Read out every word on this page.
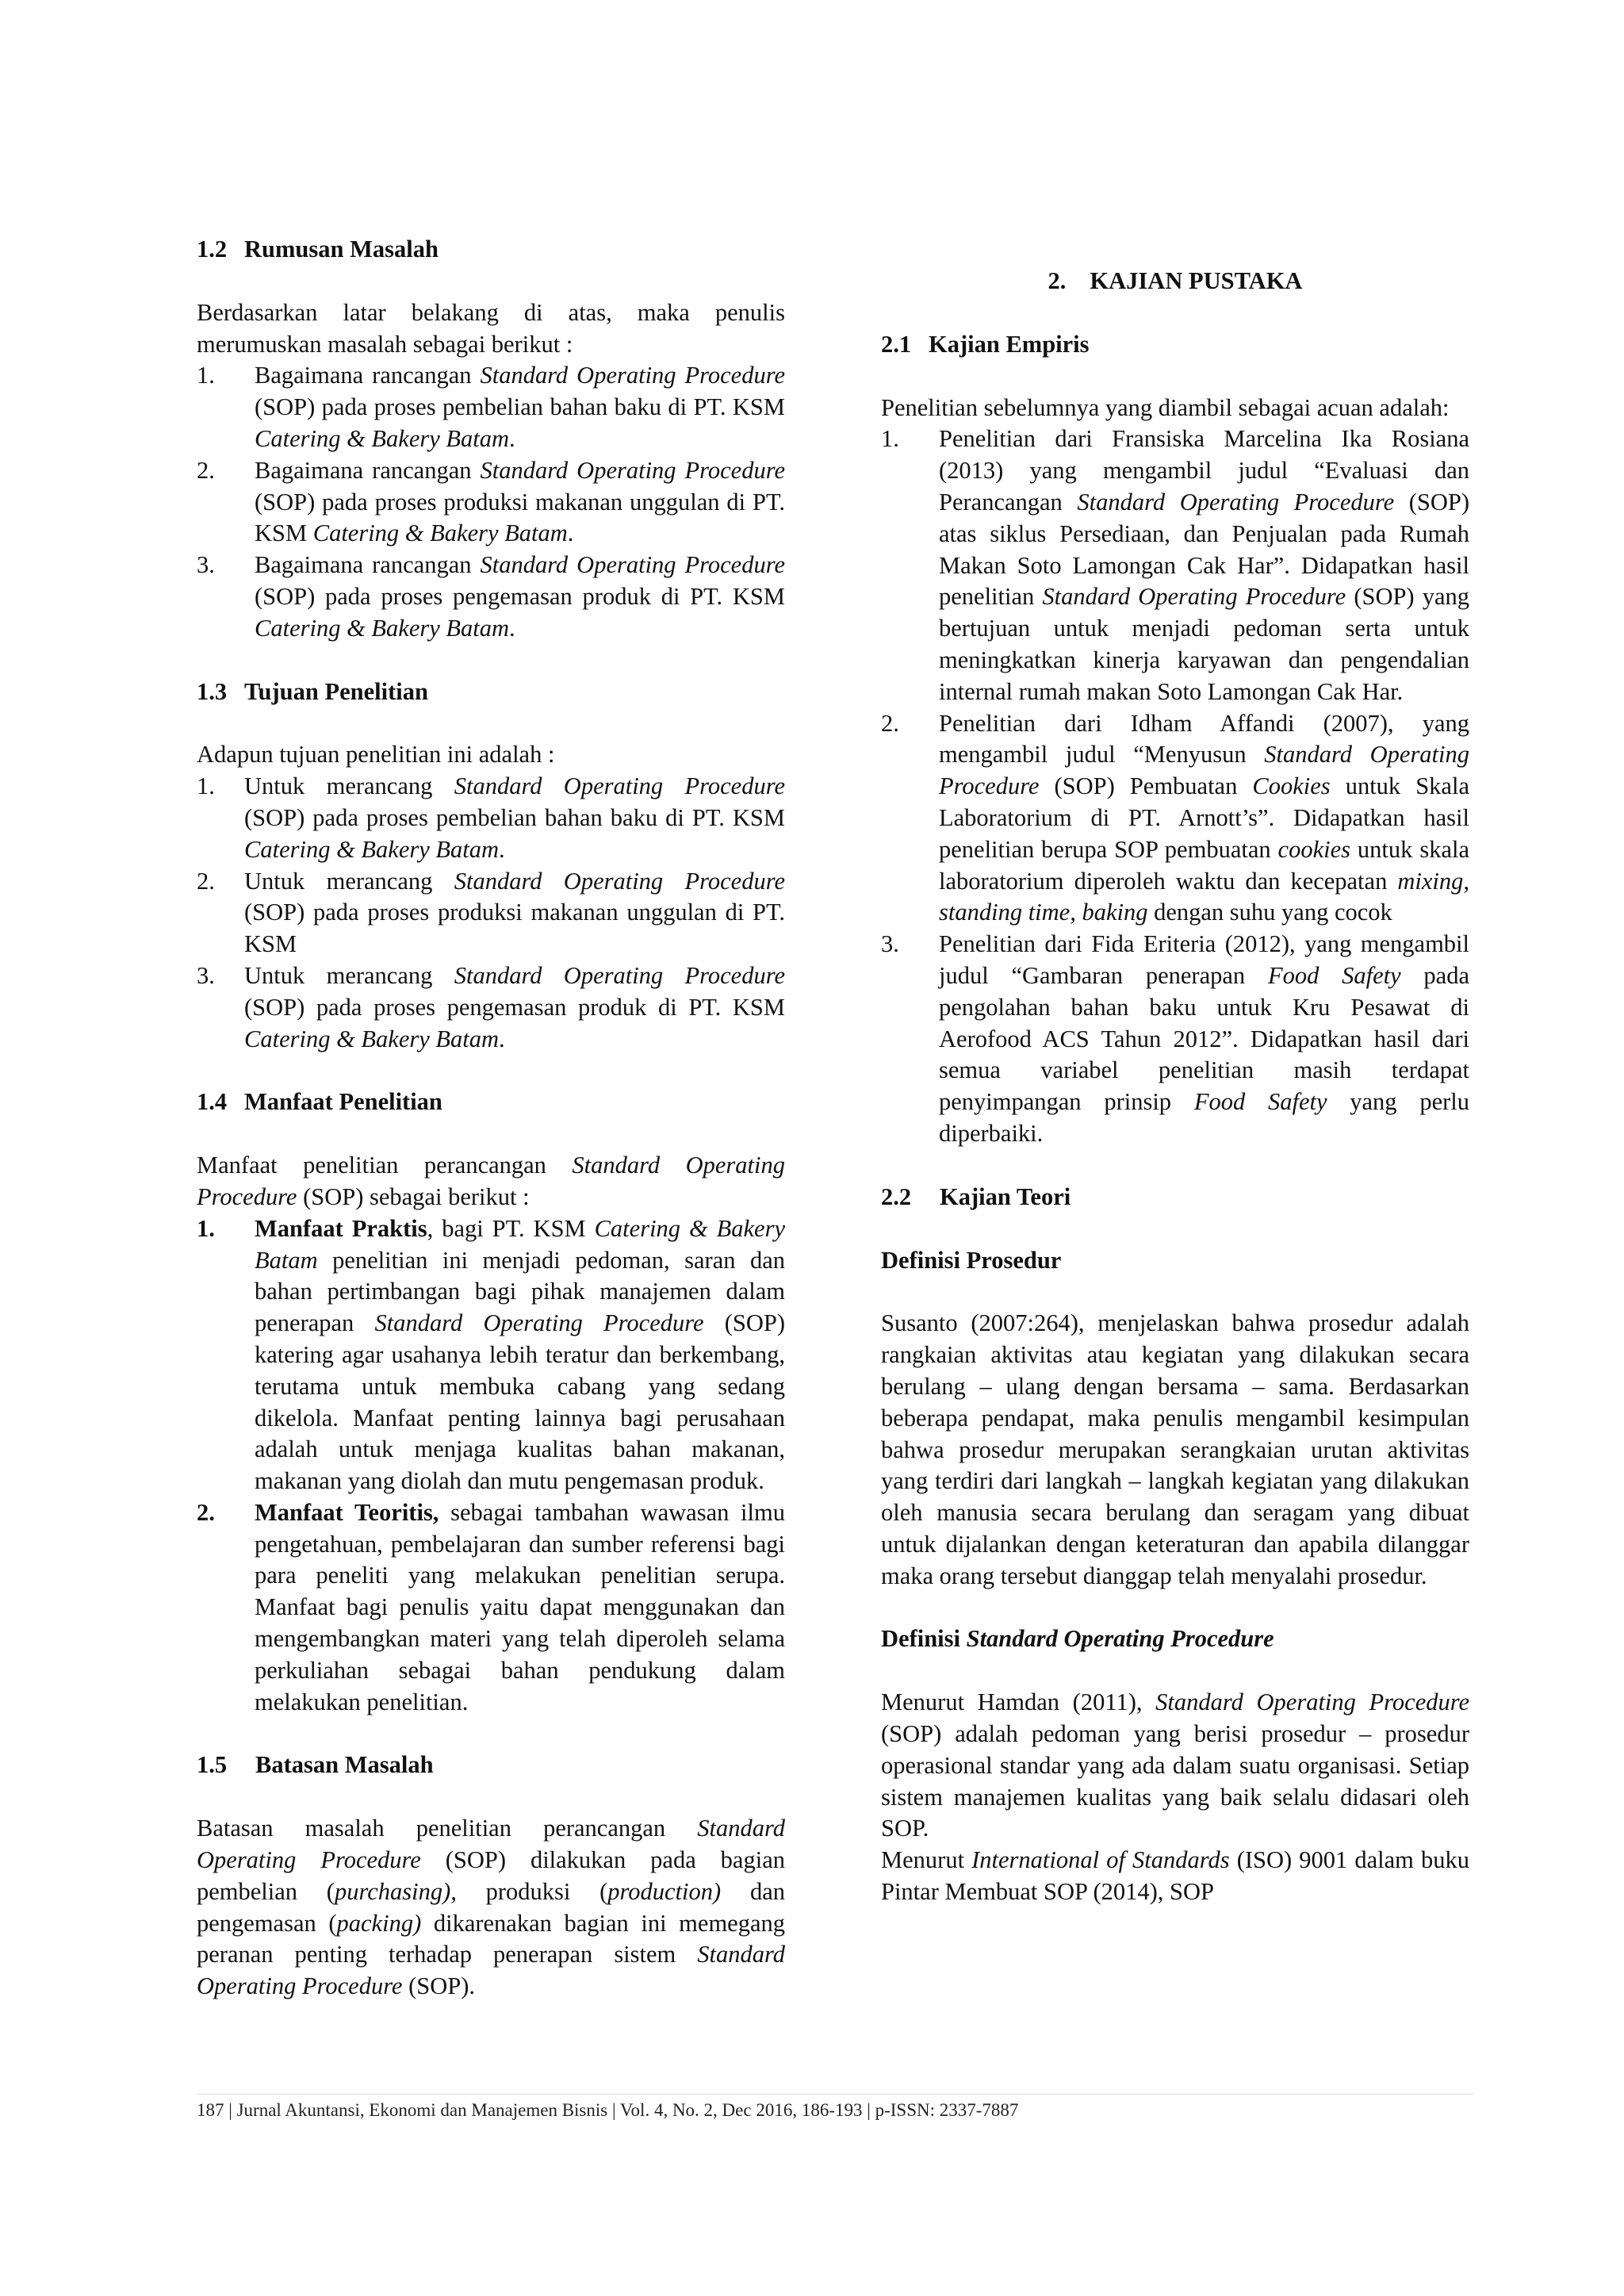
1.2 Rumusan Masalah

Berdasarkan latar belakang di atas, maka penulis merumuskan masalah sebagai berikut :

1. Bagaimana rancangan Standard Operating Procedure (SOP) pada proses pembelian bahan baku di PT. KSM Catering & Bakery Batam.
2. Bagaimana rancangan Standard Operating Procedure (SOP) pada proses produksi makanan unggulan di PT. KSM Catering & Bakery Batam.
3. Bagaimana rancangan Standard Operating Procedure (SOP) pada proses pengemasan produk di PT. KSM Catering & Bakery Batam.

1.3 Tujuan Penelitian

Adapun tujuan penelitian ini adalah :

1. Untuk merancang Standard Operating Procedure (SOP) pada proses pembelian bahan baku di PT. KSM Catering & Bakery Batam.
2. Untuk merancang Standard Operating Procedure (SOP) pada proses produksi makanan unggulan di PT. KSM
3. Untuk merancang Standard Operating Procedure (SOP) pada proses pengemasan produk di PT. KSM Catering & Bakery Batam.

1.4 Manfaat Penelitian

Manfaat penelitian perancangan Standard Operating Procedure (SOP) sebagai berikut :

1. Manfaat Praktis, bagi PT. KSM Catering & Bakery Batam penelitian ini menjadi pedoman, saran dan bahan pertimbangan bagi pihak manajemen dalam penerapan Standard Operating Procedure (SOP) katering agar usahanya lebih teratur dan berkembang, terutama untuk membuka cabang yang sedang dikelola. Manfaat penting lainnya bagi perusahaan adalah untuk menjaga kualitas bahan makanan, makanan yang diolah dan mutu pengemasan produk.
2. Manfaat Teoritis, sebagai tambahan wawasan ilmu pengetahuan, pembelajaran dan sumber referensi bagi para peneliti yang melakukan penelitian serupa. Manfaat bagi penulis yaitu dapat menggunakan dan mengembangkan materi yang telah diperoleh selama perkuliahan sebagai bahan pendukung dalam melakukan penelitian.

1.5 Batasan Masalah

Batasan masalah penelitian perancangan Standard Operating Procedure (SOP) dilakukan pada bagian pembelian (purchasing), produksi (production) dan pengemasan (packing) dikarenakan bagian ini memegang peranan penting terhadap penerapan sistem Standard Operating Procedure (SOP).

2. KAJIAN PUSTAKA

2.1 Kajian Empiris

Penelitian sebelumnya yang diambil sebagai acuan adalah:

1. Penelitian dari Fransiska Marcelina Ika Rosiana (2013) yang mengambil judul “Evaluasi dan Perancangan Standard Operating Procedure (SOP) atas siklus Persediaan, dan Penjualan pada Rumah Makan Soto Lamongan Cak Har”. Didapatkan hasil penelitian Standard Operating Procedure (SOP) yang bertujuan untuk menjadi pedoman serta untuk meningkatkan kinerja karyawan dan pengendalian internal rumah makan Soto Lamongan Cak Har.
2. Penelitian dari Idham Affandi (2007), yang mengambil judul “Menyusun Standard Operating Procedure (SOP) Pembuatan Cookies untuk Skala Laboratorium di PT. Arnott’s”. Didapatkan hasil penelitian berupa SOP pembuatan cookies untuk skala laboratorium diperoleh waktu dan kecepatan mixing, standing time, baking dengan suhu yang cocok
3. Penelitian dari Fida Eriteria (2012), yang mengambil judul “Gambaran penerapan Food Safety pada pengolahan bahan baku untuk Kru Pesawat di Aerofood ACS Tahun 2012”. Didapatkan hasil dari semua variabel penelitian masih terdapat penyimpangan prinsip Food Safety yang perlu diperbaiki.

2.2 Kajian Teori

Definisi Prosedur

Susanto (2007:264), menjelaskan bahwa prosedur adalah rangkaian aktivitas atau kegiatan yang dilakukan secara berulang – ulang dengan bersama – sama. Berdasarkan beberapa pendapat, maka penulis mengambil kesimpulan bahwa prosedur merupakan serangkaian urutan aktivitas yang terdiri dari langkah – langkah kegiatan yang dilakukan oleh manusia secara berulang dan seragam yang dibuat untuk dijalankan dengan keteraturan dan apabila dilanggar maka orang tersebut dianggap telah menyalahi prosedur.

Definisi Standard Operating Procedure

Menurut Hamdan (2011), Standard Operating Procedure (SOP) adalah pedoman yang berisi prosedur – prosedur operasional standar yang ada dalam suatu organisasi. Setiap sistem manajemen kualitas yang baik selalu didasari oleh SOP.

Menurut International of Standards (ISO) 9001 dalam buku Pintar Membuat SOP (2014), SOP

187 | Jurnal Akuntansi, Ekonomi dan Manajemen Bisnis | Vol. 4, No. 2, Dec 2016, 186-193 | p-ISSN: 2337-7887
